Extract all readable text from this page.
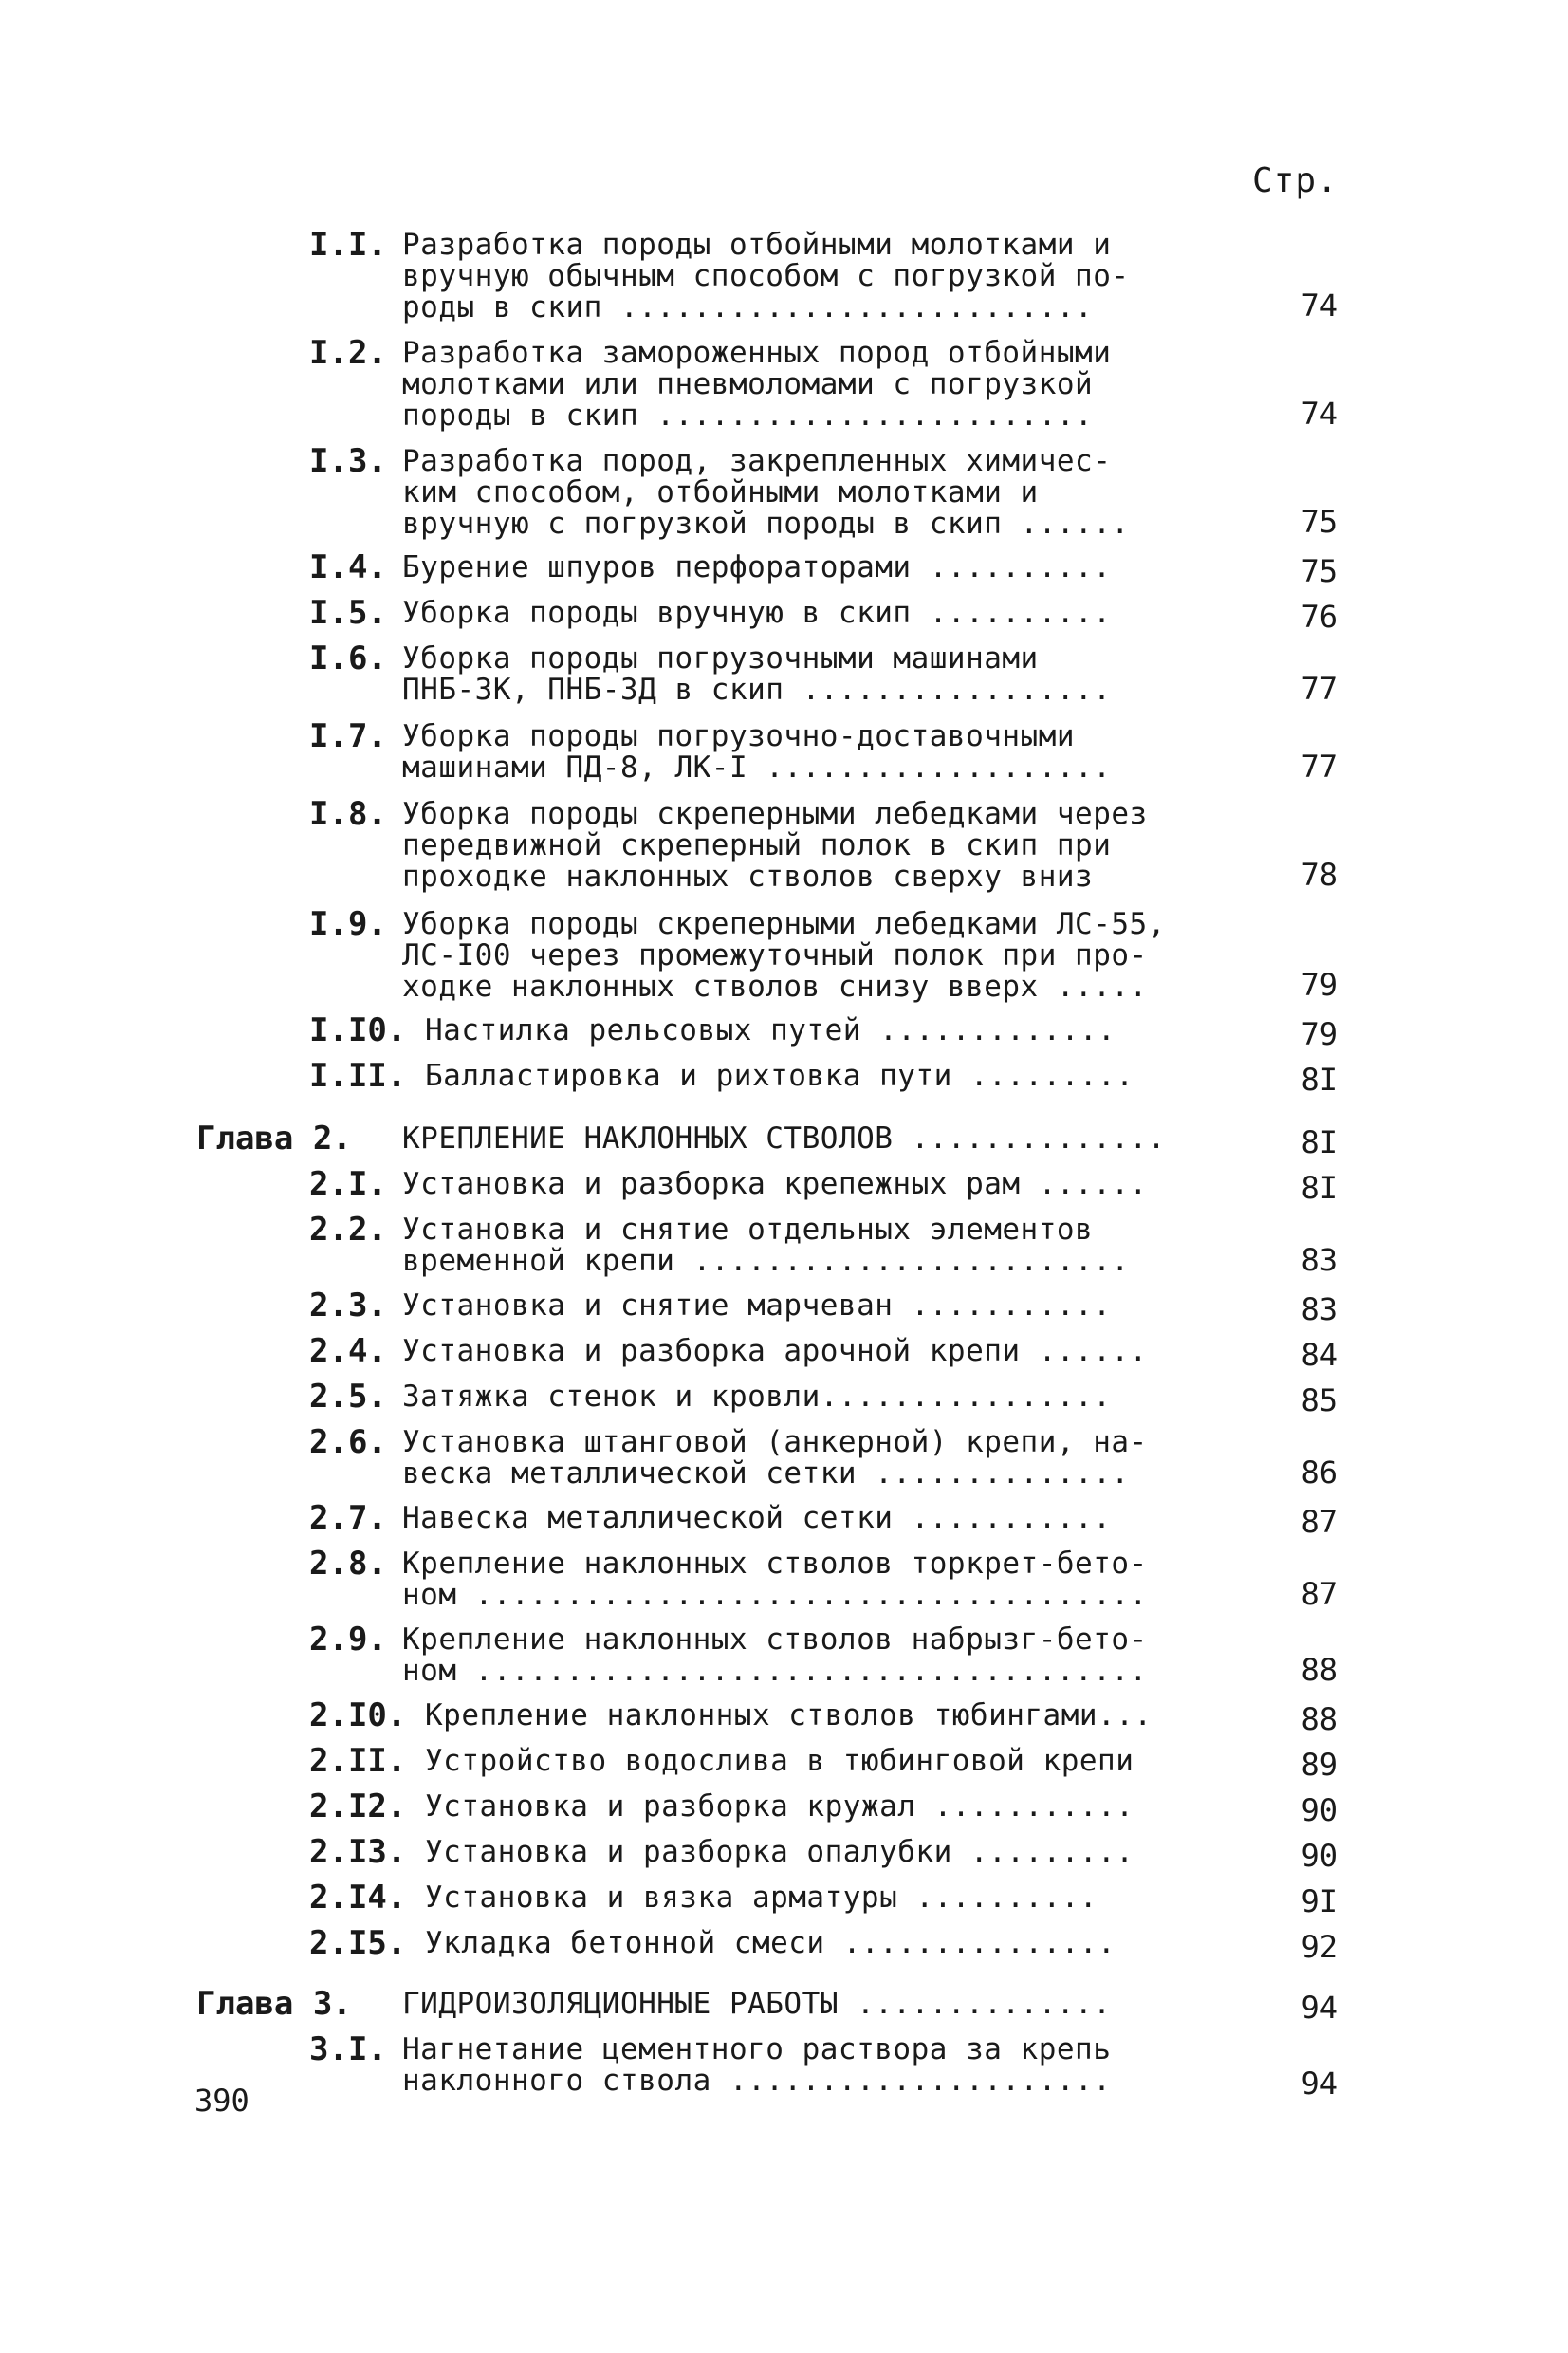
Стр.
I.I. Разработка породы отбойными молотками и
вручную обычным способом с погрузкой по-
роды в скип ..........................	74
I.2. Разработка замороженных пород отбойными
молотками или пневмоломами с погрузкой
породы в скип ........................	74
I.3. Разработка пород, закрепленных химичес-
ким способом, отбойными молотками и
вручную с погрузкой породы в скип ......	75
I.4. Бурение шпуров перфораторами ..........	75
I.5. Уборка породы вручную в скип ..........	76
I.6. Уборка породы погрузочными машинами
ПНБ-3К, ПНБ-3Д в скип .................	77
I.7. Уборка породы погрузочно-доставочными
машинами ПД-8, ЛК-I ...................	77
I.8. Уборка породы скреперными лебедками через
передвижной скреперный полок в скип при
проходке наклонных стволов сверху вниз	78
I.9. Уборка породы скреперными лебедками ЛС-55,
ЛС-I00 через промежуточный полок при про-
ходке наклонных стволов снизу вверх .....	79
I.I0. Настилка рельсовых путей .............	79
I.II. Балластировка и рихтовка пути .........	8I
Глава 2. КРЕПЛЕНИЕ НАКЛОННЫХ СТВОЛОВ ..............	8I
2.I. Установка и разборка крепежных рам ......	8I
2.2. Установка и снятие отдельных элементов
временной крепи ........................	83
2.3. Установка и снятие марчеван ...........	83
2.4. Установка и разборка арочной крепи ......	84
2.5. Затяжка стенок и кровли................	85
2.6. Установка штанговой (анкерной) крепи, на-
веска металлической сетки ..............	86
2.7. Навеска металлической сетки ...........	87
2.8. Крепление наклонных стволов торкрет-бето-
ном .....................................	87
2.9. Крепление наклонных стволов набрызг-бето-
ном .....................................	88
2.I0. Крепление наклонных стволов тюбингами...	88
2.II. Устройство водослива в тюбинговой крепи	89
2.I2. Установка и разборка кружал ...........	90
2.I3. Установка и разборка опалубки .........	90
2.I4. Установка и вязка арматуры ..........	9I
2.I5. Укладка бетонной смеси ...............	92
Глава 3. ГИДРОИЗОЛЯЦИОННЫЕ РАБОТЫ ..............	94
3.I. Нагнетание цементного раствора за крепь
наклонного ствола .....................	94
390
